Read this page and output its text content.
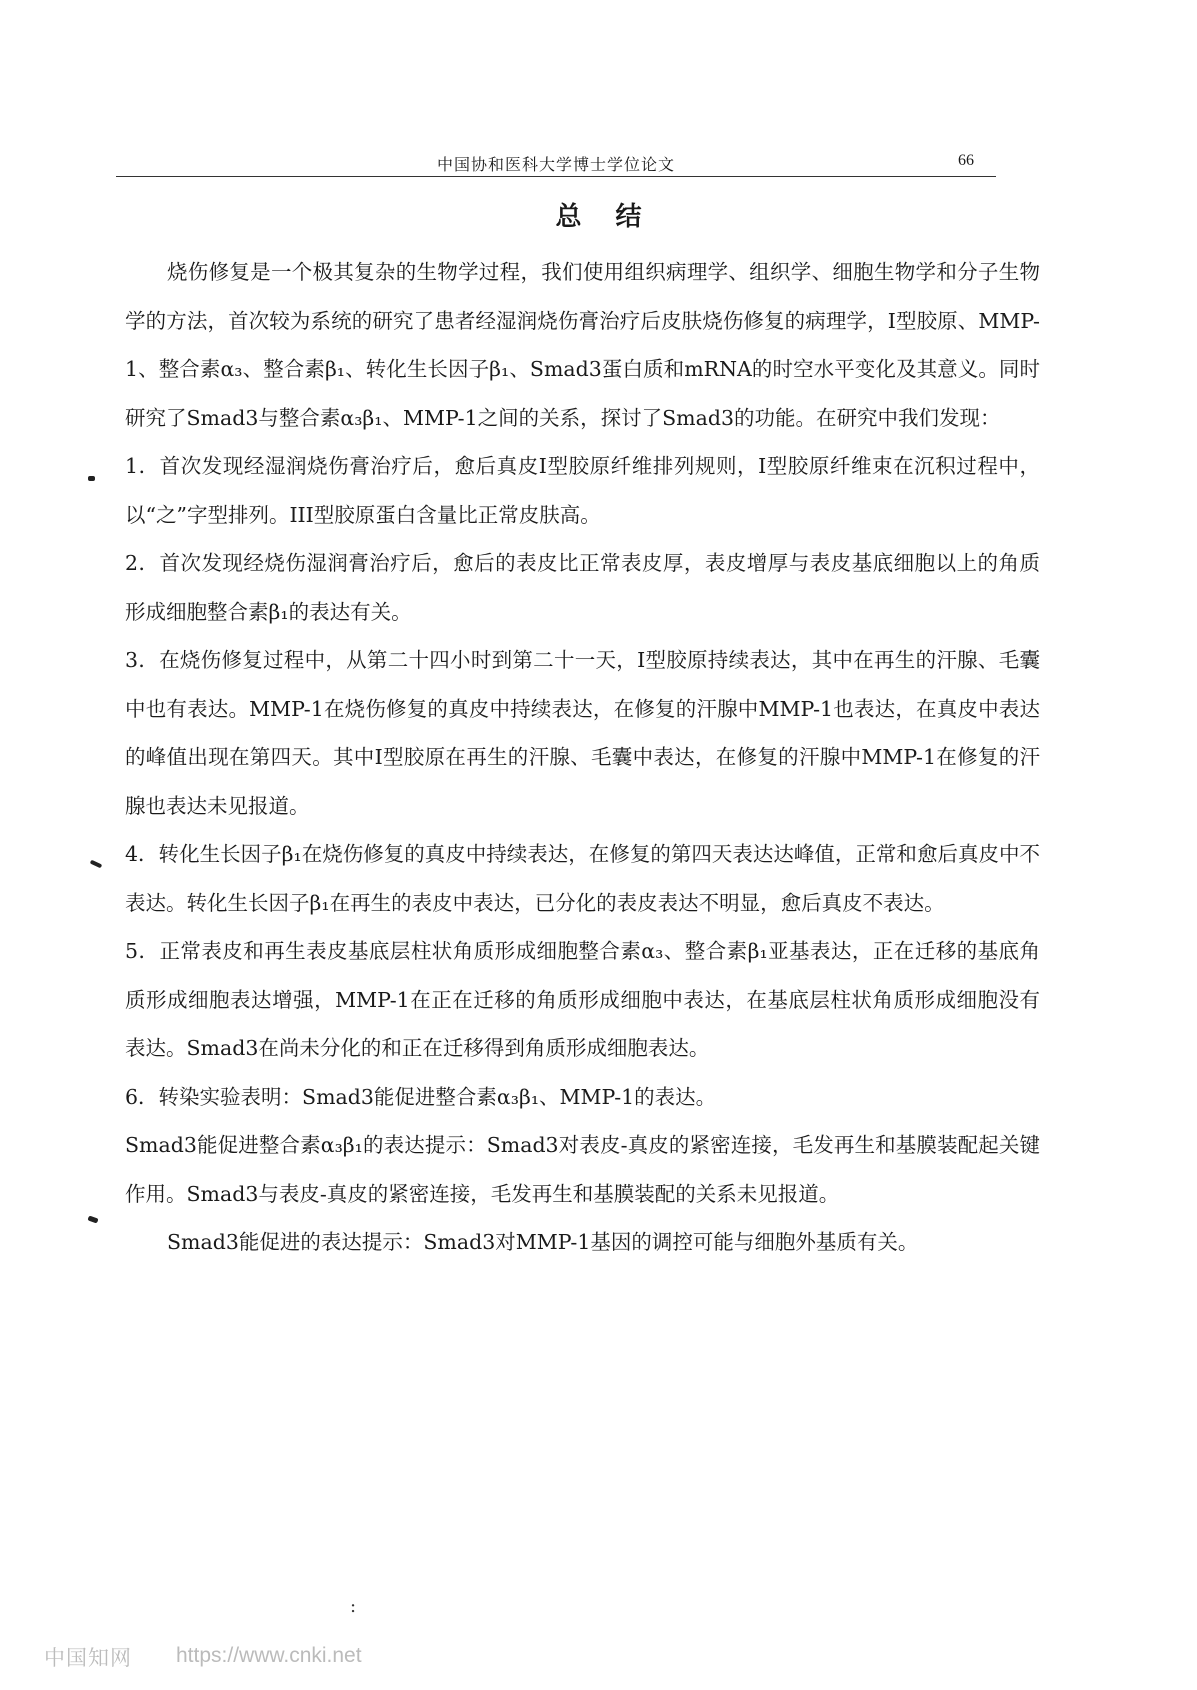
中国协和医科大学博士学位论文	66
总结

烧伤修复是一个极其复杂的生物学过程，我们使用组织病理学、组织学、细胞生物学和分子生物学的方法，首次较为系统的研究了患者经湿润烧伤膏治疗后皮肤烧伤修复的病理学，I型胶原、MMP-1、整合素α₃、整合素β₁、转化生长因子β₁、Smad3蛋白质和mRNA的时空水平变化及其意义。同时研究了Smad3与整合素α₃β₁、MMP-1之间的关系，探讨了Smad3的功能。在研究中我们发现：

1．首次发现经湿润烧伤膏治疗后，愈后真皮I型胶原纤维排列规则，I型胶原纤维束在沉积过程中，以“之”字型排列。III型胶原蛋白含量比正常皮肤高。

2．首次发现经烧伤湿润膏治疗后，愈后的表皮比正常表皮厚，表皮增厚与表皮基底细胞以上的角质形成细胞整合素β₁的表达有关。

3．在烧伤修复过程中，从第二十四小时到第二十一天，I型胶原持续表达，其中在再生的汗腺、毛囊中也有表达。MMP-1在烧伤修复的真皮中持续表达，在修复的汗腺中MMP-1也表达，在真皮中表达的峰值出现在第四天。其中I型胶原在再生的汗腺、毛囊中表达，在修复的汗腺中MMP-1在修复的汗腺也表达未见报道。

4．转化生长因子β₁在烧伤修复的真皮中持续表达，在修复的第四天表达达峰值，正常和愈后真皮中不表达。转化生长因子β₁在再生的表皮中表达，已分化的表皮表达不明显，愈后真皮不表达。

5．正常表皮和再生表皮基底层柱状角质形成细胞整合素α₃、整合素β₁亚基表达，正在迁移的基底角质形成细胞表达增强，MMP-1在正在迁移的角质形成细胞中表达，在基底层柱状角质形成细胞没有表达。Smad3在尚未分化的和正在迁移得到角质形成细胞表达。

6．转染实验表明：Smad3能促进整合素α₃β₁、MMP-1的表达。

Smad3能促进整合素α₃β₁的表达提示：Smad3对表皮-真皮的紧密连接，毛发再生和基膜装配起关键作用。Smad3与表皮-真皮的紧密连接，毛发再生和基膜装配的关系未见报道。

Smad3能促进的表达提示：Smad3对MMP-1基因的调控可能与细胞外基质有关。

:
中国知网 https://www.cnki.net
